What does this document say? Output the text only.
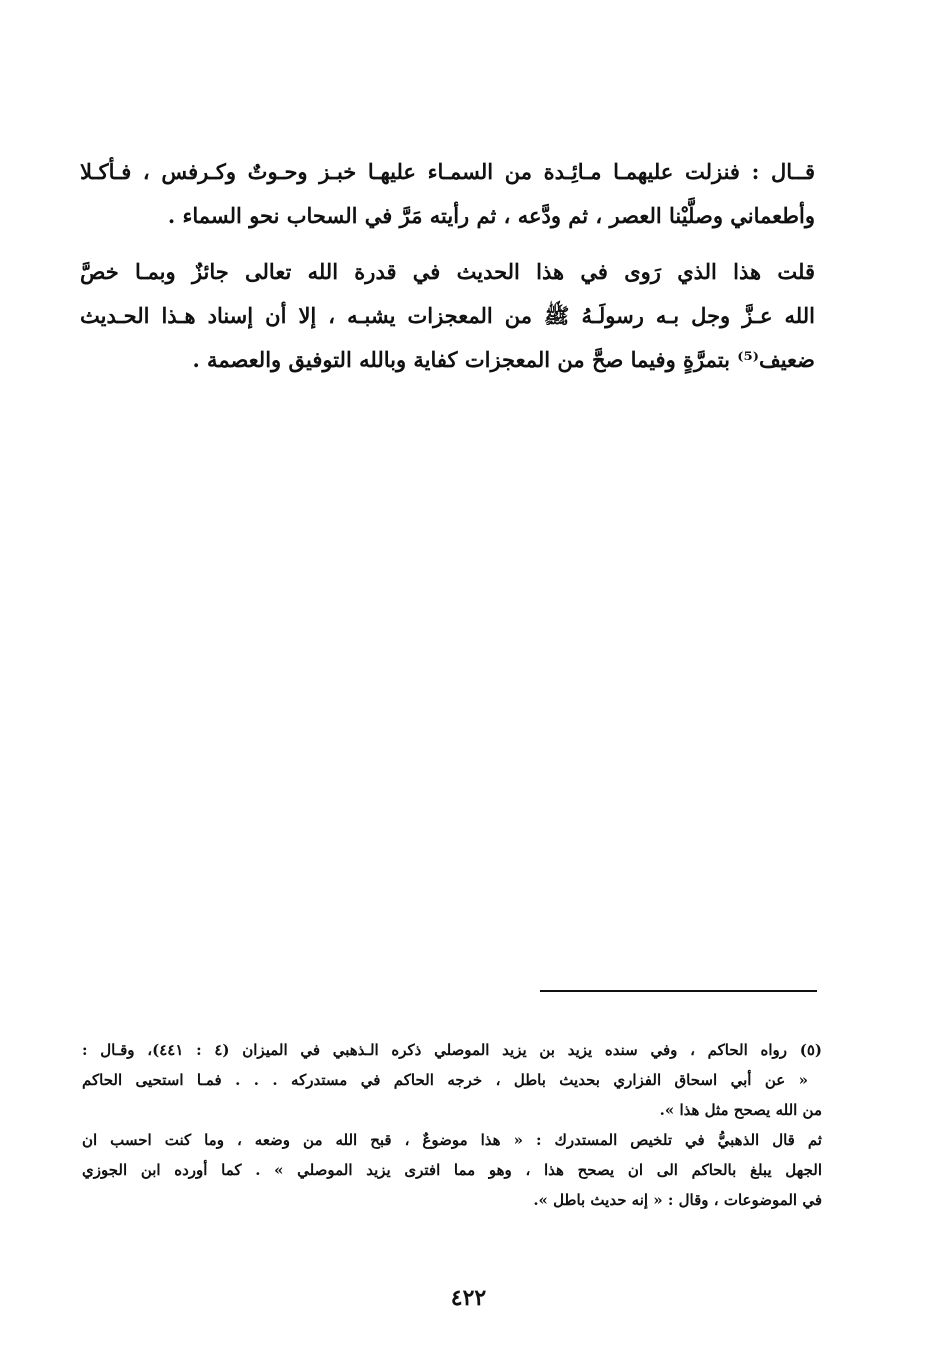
قــال : فنزلت عليهمـا مـائِـدة من السمـاء عليهـا خبـز وحـوتٌ وكـرفس ، فـأكـلا
وأطعماني وصلَّيْنا العصر ، ثم ودَّعه ، ثم رأيته مَرَّ في السحاب نحو السماء .

قلت هذا الذي رَوى في هذا الحديث في قدرة الله تعالى جائزٌ وبمـا خصَّ
الله عـزَّ وجل بـه رسولَـهُ ﷺ من المعجزات يشبـه ، إلا أن إسناد هـذا الحـديث
ضعيف⁽⁵⁾ بتمرَّةٍ وفيما صحَّ من المعجزات كفاية وبالله التوفيق والعصمة .

(٥) رواه الحاكم ، وفي سنده يزيد بن يزيد الموصلي ذكره الـذهبي في الميزان (٤ : ٤٤١)، وقـال :
« عن أبي اسحاق الفزاري بحديث باطل ، خرجه الحاكم في مستدركه . . . فمـا استحيى الحاكم
من الله يصحح مثل هذا ».
ثم قال الذهبيُّ في تلخيص المستدرك : « هذا موضوعٌ ، قبح الله من وضعه ، وما كنت احسب ان
الجهل يبلغ بالحاكم الى ان يصحح هذا ، وهو مما افترى يزيد الموصلي » . كما أورده ابن الجوزي
في الموضوعات ، وقال : « إنه حديث باطل ».
٤٢٢
